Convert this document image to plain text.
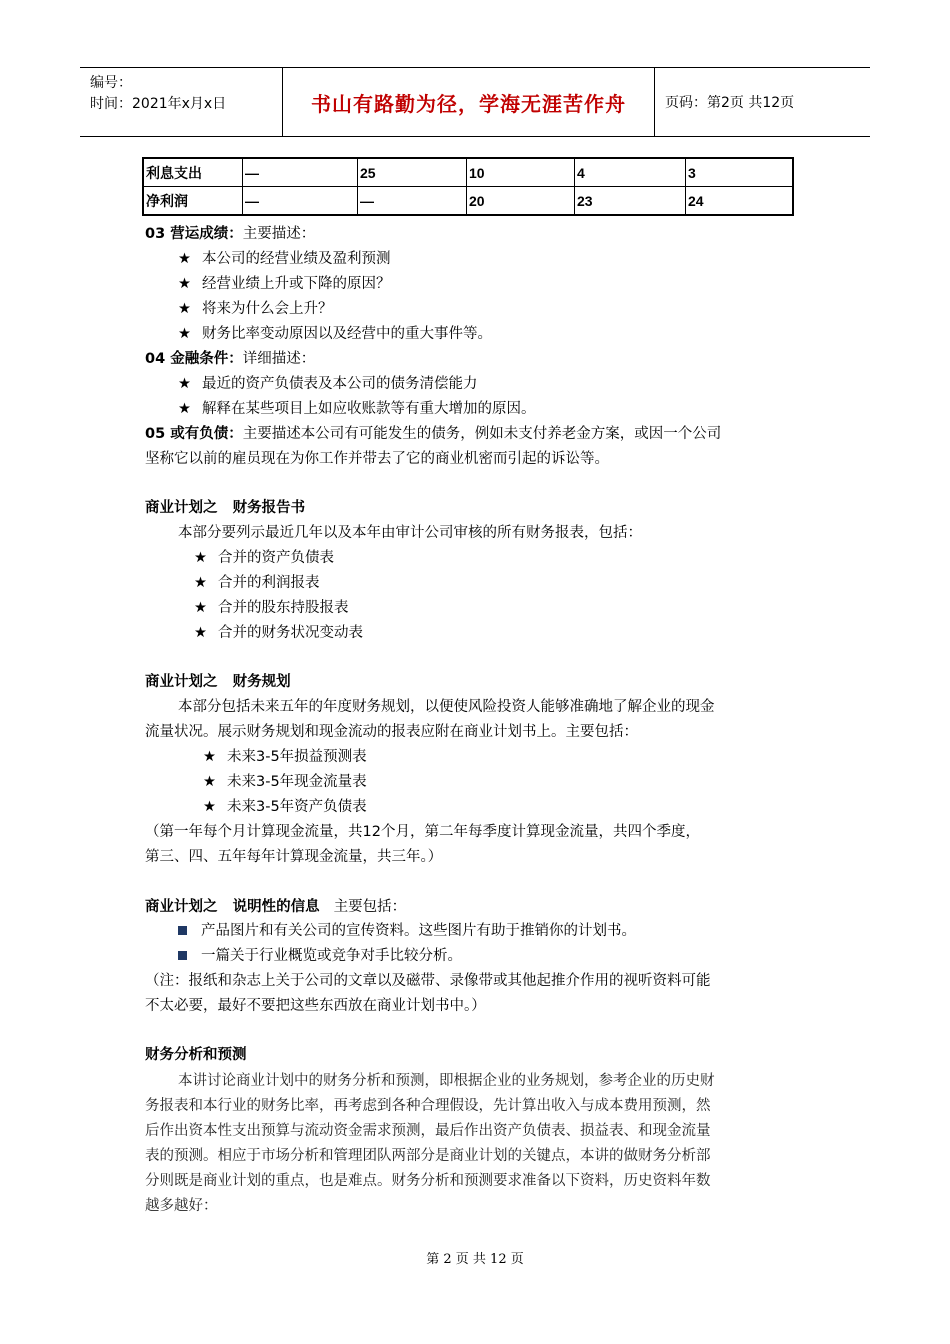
编号：
时间：2021年x月x日	书山有路勤为径，学海无涯苦作舟	页码：第2页 共12页
利息支出	—	25	10	4	3
净利润	—	—	20	23	24
03 营运成绩：主要描述：
★ 本公司的经营业绩及盈利预测
★ 经营业绩上升或下降的原因？
★ 将来为什么会上升？
★ 财务比率变动原因以及经营中的重大事件等。
04 金融条件：详细描述：
★ 最近的资产负债表及本公司的债务清偿能力
★ 解释在某些项目上如应收账款等有重大增加的原因。
05 或有负债：主要描述本公司有可能发生的债务，例如未支付养老金方案，或因一个公司
坚称它以前的雇员现在为你工作并带去了它的商业机密而引起的诉讼等。
商业计划之   财务报告书
本部分要列示最近几年以及本年由审计公司审核的所有财务报表，包括：
★ 合并的资产负债表
★ 合并的利润报表
★ 合并的股东持股报表
★ 合并的财务状况变动表
商业计划之   财务规划
本部分包括未来五年的年度财务规划，以便使风险投资人能够准确地了解企业的现金
流量状况。展示财务规划和现金流动的报表应附在商业计划书上。主要包括：
★ 未来3-5年损益预测表
★ 未来3-5年现金流量表
★ 未来3-5年资产负债表
（第一年每个月计算现金流量，共12个月，第二年每季度计算现金流量，共四个季度，
第三、四、五年每年计算现金流量，共三年。）
商业计划之   说明性的信息 主要包括：
产品图片和有关公司的宣传资料。这些图片有助于推销你的计划书。
一篇关于行业概览或竞争对手比较分析。
（注：报纸和杂志上关于公司的文章以及磁带、录像带或其他起推介作用的视听资料可能
不太必要，最好不要把这些东西放在商业计划书中。）
财务分析和预测
本讲讨论商业计划中的财务分析和预测，即根据企业的业务规划，参考企业的历史财
务报表和本行业的财务比率，再考虑到各种合理假设，先计算出收入与成本费用预测，然
后作出资本性支出预算与流动资金需求预测，最后作出资产负债表、损益表、和现金流量
表的预测。相应于市场分析和管理团队两部分是商业计划的关键点，本讲的做财务分析部
分则既是商业计划的重点，也是难点。财务分析和预测要求准备以下资料，历史资料年数
越多越好：
第 2 页 共 12 页
